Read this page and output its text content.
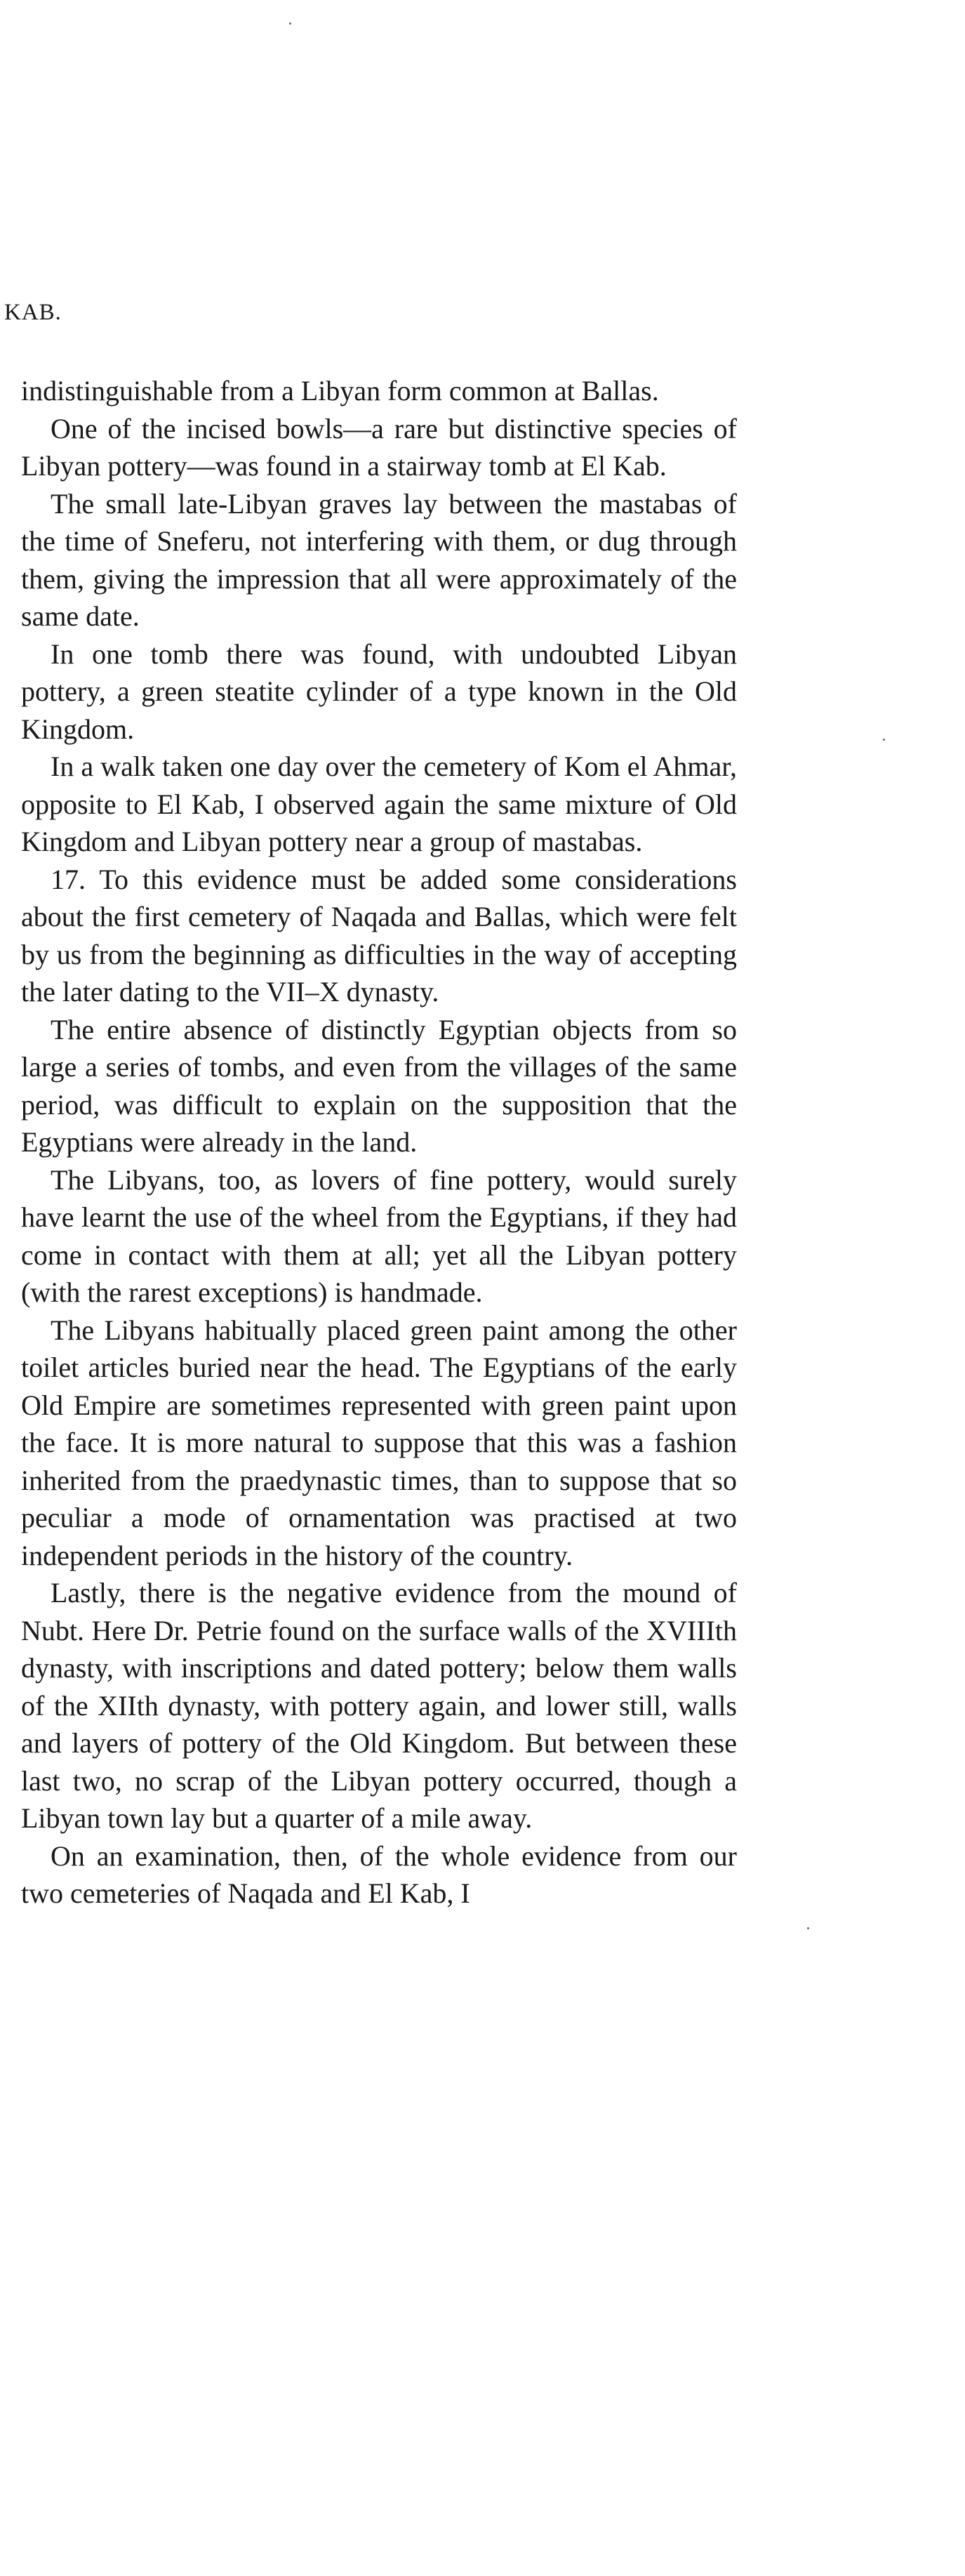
KAB.

indistinguishable from a Libyan form common at Ballas.

One of the incised bowls—a rare but distinctive species of Libyan pottery—was found in a stairway tomb at El Kab.

The small late-Libyan graves lay between the mastabas of the time of Sneferu, not interfering with them, or dug through them, giving the impression that all were approximately of the same date.

In one tomb there was found, with undoubted Libyan pottery, a green steatite cylinder of a type known in the Old Kingdom.

In a walk taken one day over the cemetery of Kom el Ahmar, opposite to El Kab, I observed again the same mixture of Old Kingdom and Libyan pottery near a group of mastabas.

17. To this evidence must be added some considerations about the first cemetery of Naqada and Ballas, which were felt by us from the beginning as difficulties in the way of accepting the later dating to the VII–X dynasty.

The entire absence of distinctly Egyptian objects from so large a series of tombs, and even from the villages of the same period, was difficult to explain on the supposition that the Egyptians were already in the land.

The Libyans, too, as lovers of fine pottery, would surely have learnt the use of the wheel from the Egyptians, if they had come in contact with them at all; yet all the Libyan pottery (with the rarest exceptions) is handmade.

The Libyans habitually placed green paint among the other toilet articles buried near the head. The Egyptians of the early Old Empire are sometimes represented with green paint upon the face. It is more natural to suppose that this was a fashion inherited from the praedynastic times, than to suppose that so peculiar a mode of ornamentation was practised at two independent periods in the history of the country.

Lastly, there is the negative evidence from the mound of Nubt. Here Dr. Petrie found on the surface walls of the XVIIIth dynasty, with inscriptions and dated pottery; below them walls of the XIIth dynasty, with pottery again, and lower still, walls and layers of pottery of the Old Kingdom. But between these last two, no scrap of the Libyan pottery occurred, though a Libyan town lay but a quarter of a mile away.

On an examination, then, of the whole evidence from our two cemeteries of Naqada and El Kab, I
